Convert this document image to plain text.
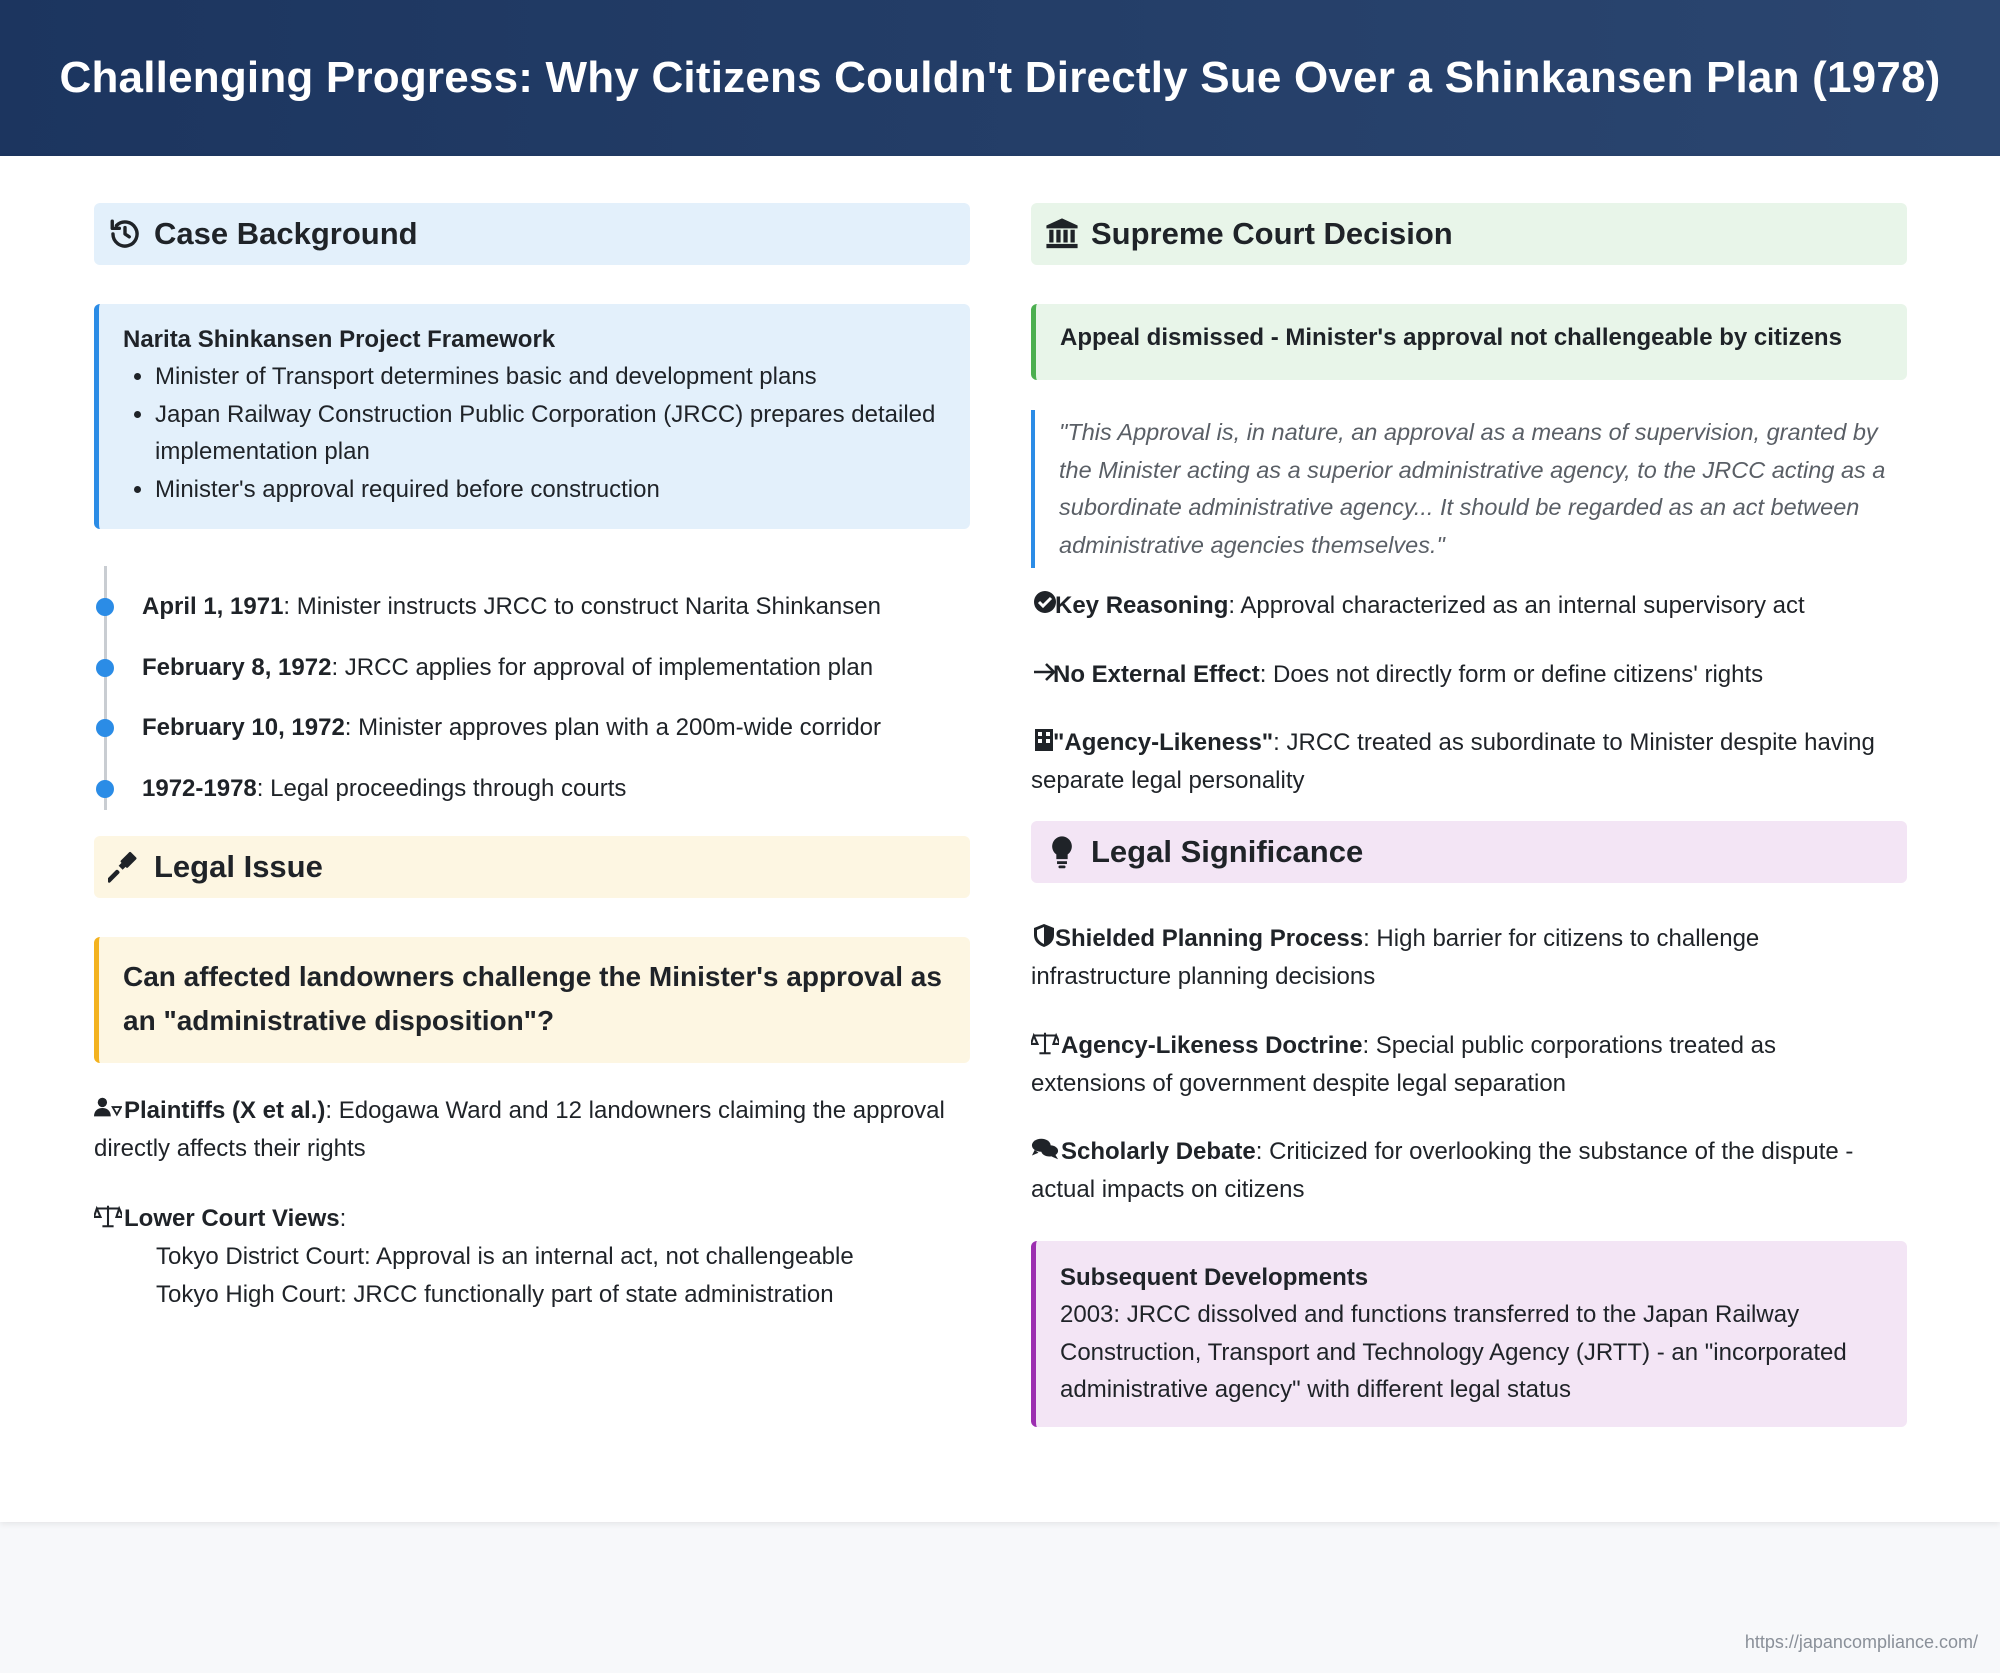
Challenging Progress: Why Citizens Couldn't Directly Sue Over a Shinkansen Plan (1978)
Case Background
Narita Shinkansen Project Framework
• Minister of Transport determines basic and development plans
• Japan Railway Construction Public Corporation (JRCC) prepares detailed implementation plan
• Minister's approval required before construction
April 1, 1971: Minister instructs JRCC to construct Narita Shinkansen
February 8, 1972: JRCC applies for approval of implementation plan
February 10, 1972: Minister approves plan with a 200m-wide corridor
1972-1978: Legal proceedings through courts
Legal Issue
Can affected landowners challenge the Minister's approval as an "administrative disposition"?
Plaintiffs (X et al.): Edogawa Ward and 12 landowners claiming the approval directly affects their rights
Lower Court Views:
Tokyo District Court: Approval is an internal act, not challengeable
Tokyo High Court: JRCC functionally part of state administration
Supreme Court Decision
Appeal dismissed - Minister's approval not challengeable by citizens
"This Approval is, in nature, an approval as a means of supervision, granted by the Minister acting as a superior administrative agency, to the JRCC acting as a subordinate administrative agency... It should be regarded as an act between administrative agencies themselves."
Key Reasoning: Approval characterized as an internal supervisory act
No External Effect: Does not directly form or define citizens' rights
"Agency-Likeness": JRCC treated as subordinate to Minister despite having separate legal personality
Legal Significance
Shielded Planning Process: High barrier for citizens to challenge infrastructure planning decisions
Agency-Likeness Doctrine: Special public corporations treated as extensions of government despite legal separation
Scholarly Debate: Criticized for overlooking the substance of the dispute - actual impacts on citizens
Subsequent Developments
2003: JRCC dissolved and functions transferred to the Japan Railway Construction, Transport and Technology Agency (JRTT) - an "incorporated administrative agency" with different legal status
https://japancompliance.com/
